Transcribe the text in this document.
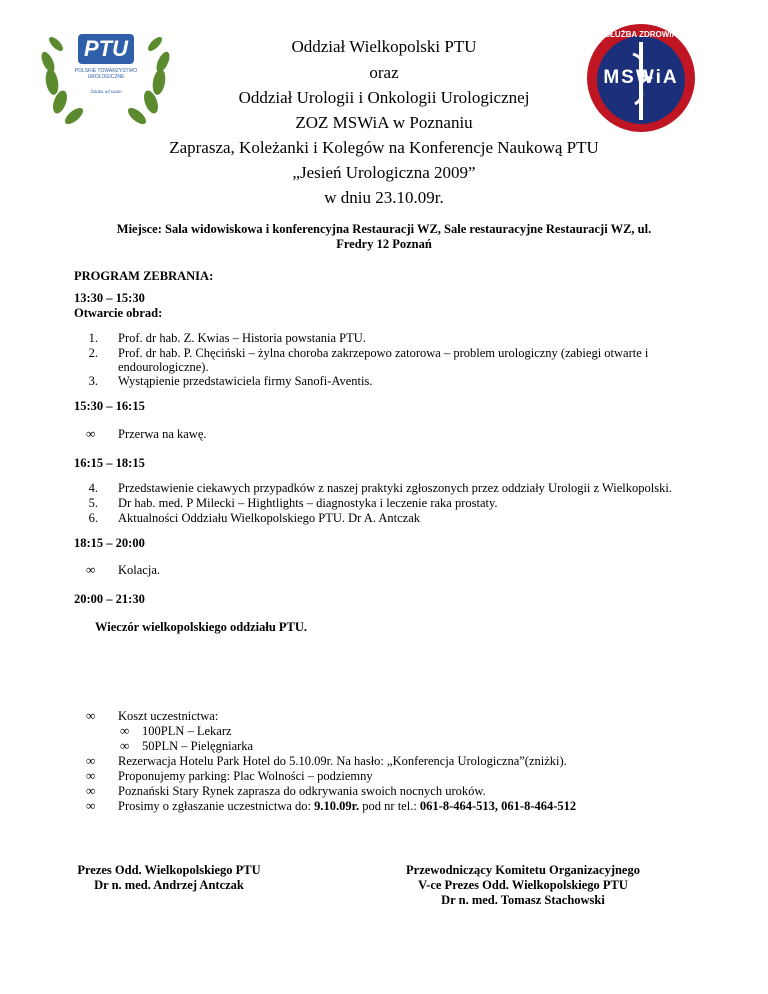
PTU
POLSKIE TOWARZYSTWO
UROLOGICZNE
Sztuka ad usum
SŁUŻBA ZDROWIA
MSWiA
Oddział Wielkopolski PTU
oraz
Oddział Urologii i Onkologii Urologicznej
ZOZ MSWiA w Poznaniu
Zaprasza, Koleżanki i Kolegów na Konferencje Naukową PTU
„Jesień Urologiczna 2009”
w dniu 23.10.09r.
Miejsce: Sala widowiskowa i konferencyjna Restauracji WZ, Sale restauracyjne Restauracji WZ, ul.
Fredry 12 Poznań
PROGRAM ZEBRANIA:
13:30 – 15:30
Otwarcie obrad:
1. Prof. dr hab. Z. Kwias – Historia powstania PTU.
2. Prof. dr hab. P. Chęciński – żylna choroba zakrzepowo zatorowa – problem urologiczny (zabiegi otwarte i
endourologiczne).
3. Wystąpienie przedstawiciela firmy Sanofi-Aventis.
15:30 – 16:15
∞ Przerwa na kawę.
16:15 – 18:15
4. Przedstawienie ciekawych przypadków z naszej praktyki zgłoszonych przez oddziały Urologii z Wielkopolski.
5. Dr hab. med. P Milecki – Hightlights – diagnostyka i leczenie raka prostaty.
6. Aktualności Oddziału Wielkopolskiego PTU. Dr A. Antczak
18:15 – 20:00
∞ Kolacja.
20:00 – 21:30
Wieczór wielkopolskiego oddziału PTU.
∞ Koszt uczestnictwa:
∞ 100PLN – Lekarz
∞ 50PLN – Pielęgniarka
∞ Rezerwacja Hotelu Park Hotel do 5.10.09r. Na hasło: „Konferencja Urologiczna”(zniżki).
∞ Proponujemy parking: Plac Wolności – podziemny
∞ Poznański Stary Rynek zaprasza do odkrywania swoich nocnych uroków.
∞ Prosimy o zgłaszanie uczestnictwa do: 9.10.09r. pod nr tel.: 061-8-464-513, 061-8-464-512
Prezes Odd. Wielkopolskiego PTU
Dr n. med. Andrzej Antczak
Przewodniczący Komitetu Organizacyjnego
V-ce Prezes Odd. Wielkopolskiego PTU
Dr n. med. Tomasz Stachowski
